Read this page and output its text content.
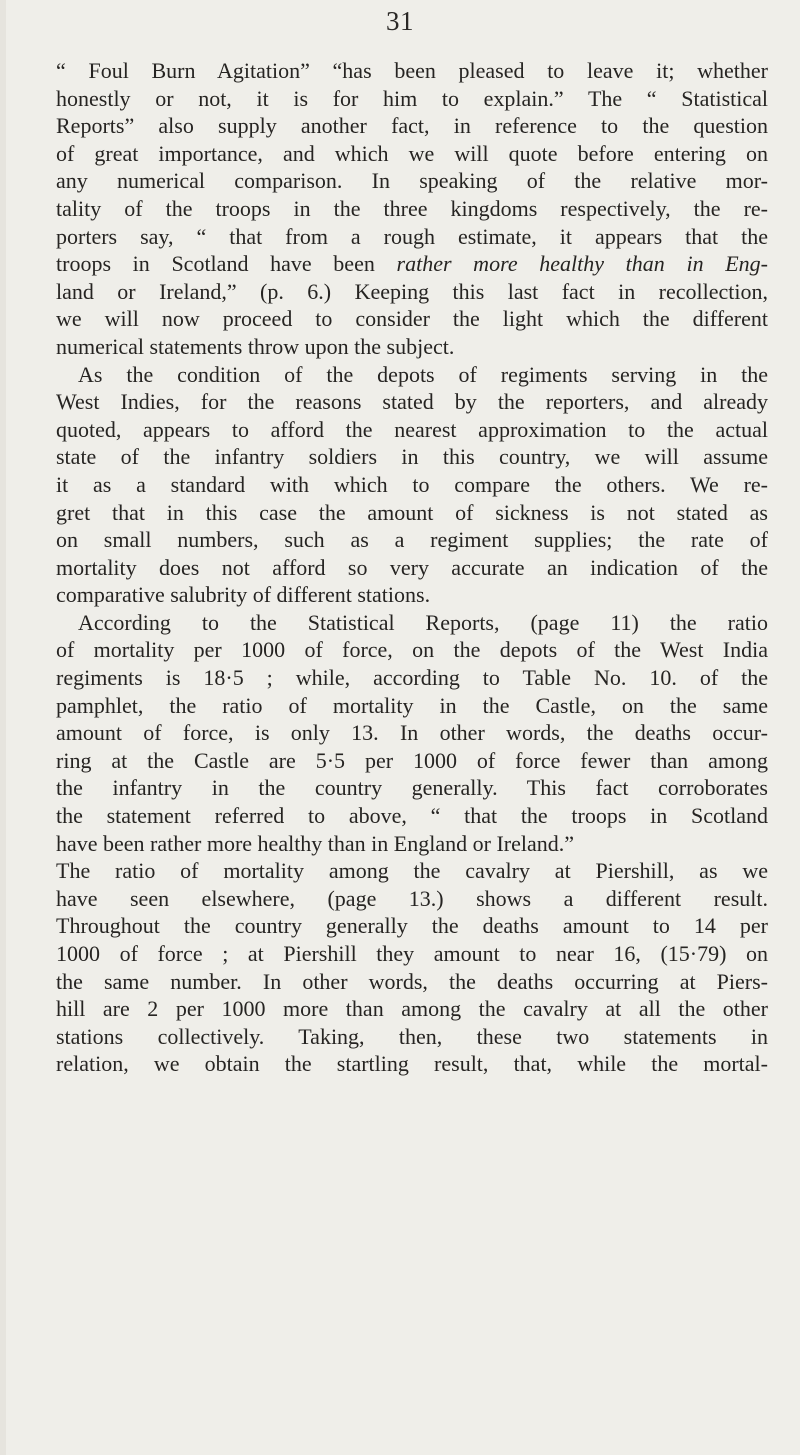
31
“ Foul Burn Agitation” “has been pleased to leave it; whether
honestly or not, it is for him to explain.” The “ Statistical
Reports” also supply another fact, in reference to the question
of great importance, and which we will quote before entering on
any numerical comparison. In speaking of the relative mor-
tality of the troops in the three kingdoms respectively, the re-
porters say, “ that from a rough estimate, it appears that the
troops in Scotland have been rather more healthy than in Eng-
land or Ireland,” (p. 6.) Keeping this last fact in recollection,
we will now proceed to consider the light which the different
numerical statements throw upon the subject.
As the condition of the depots of regiments serving in the
West Indies, for the reasons stated by the reporters, and already
quoted, appears to afford the nearest approximation to the actual
state of the infantry soldiers in this country, we will assume
it as a standard with which to compare the others. We re-
gret that in this case the amount of sickness is not stated as
on small numbers, such as a regiment supplies; the rate of
mortality does not afford so very accurate an indication of the
comparative salubrity of different stations.
According to the Statistical Reports, (page 11) the ratio
of mortality per 1000 of force, on the depots of the West India
regiments is 18·5 ; while, according to Table No. 10. of the
pamphlet, the ratio of mortality in the Castle, on the same
amount of force, is only 13. In other words, the deaths occur-
ring at the Castle are 5·5 per 1000 of force fewer than among
the infantry in the country generally. This fact corroborates
the statement referred to above, “ that the troops in Scotland
have been rather more healthy than in England or Ireland.”
The ratio of mortality among the cavalry at Piershill, as we
have seen elsewhere, (page 13.) shows a different result.
Throughout the country generally the deaths amount to 14 per
1000 of force ; at Piershill they amount to near 16, (15·79) on
the same number. In other words, the deaths occurring at Piers-
hill are 2 per 1000 more than among the cavalry at all the other
stations collectively. Taking, then, these two statements in
relation, we obtain the startling result, that, while the mortal-
